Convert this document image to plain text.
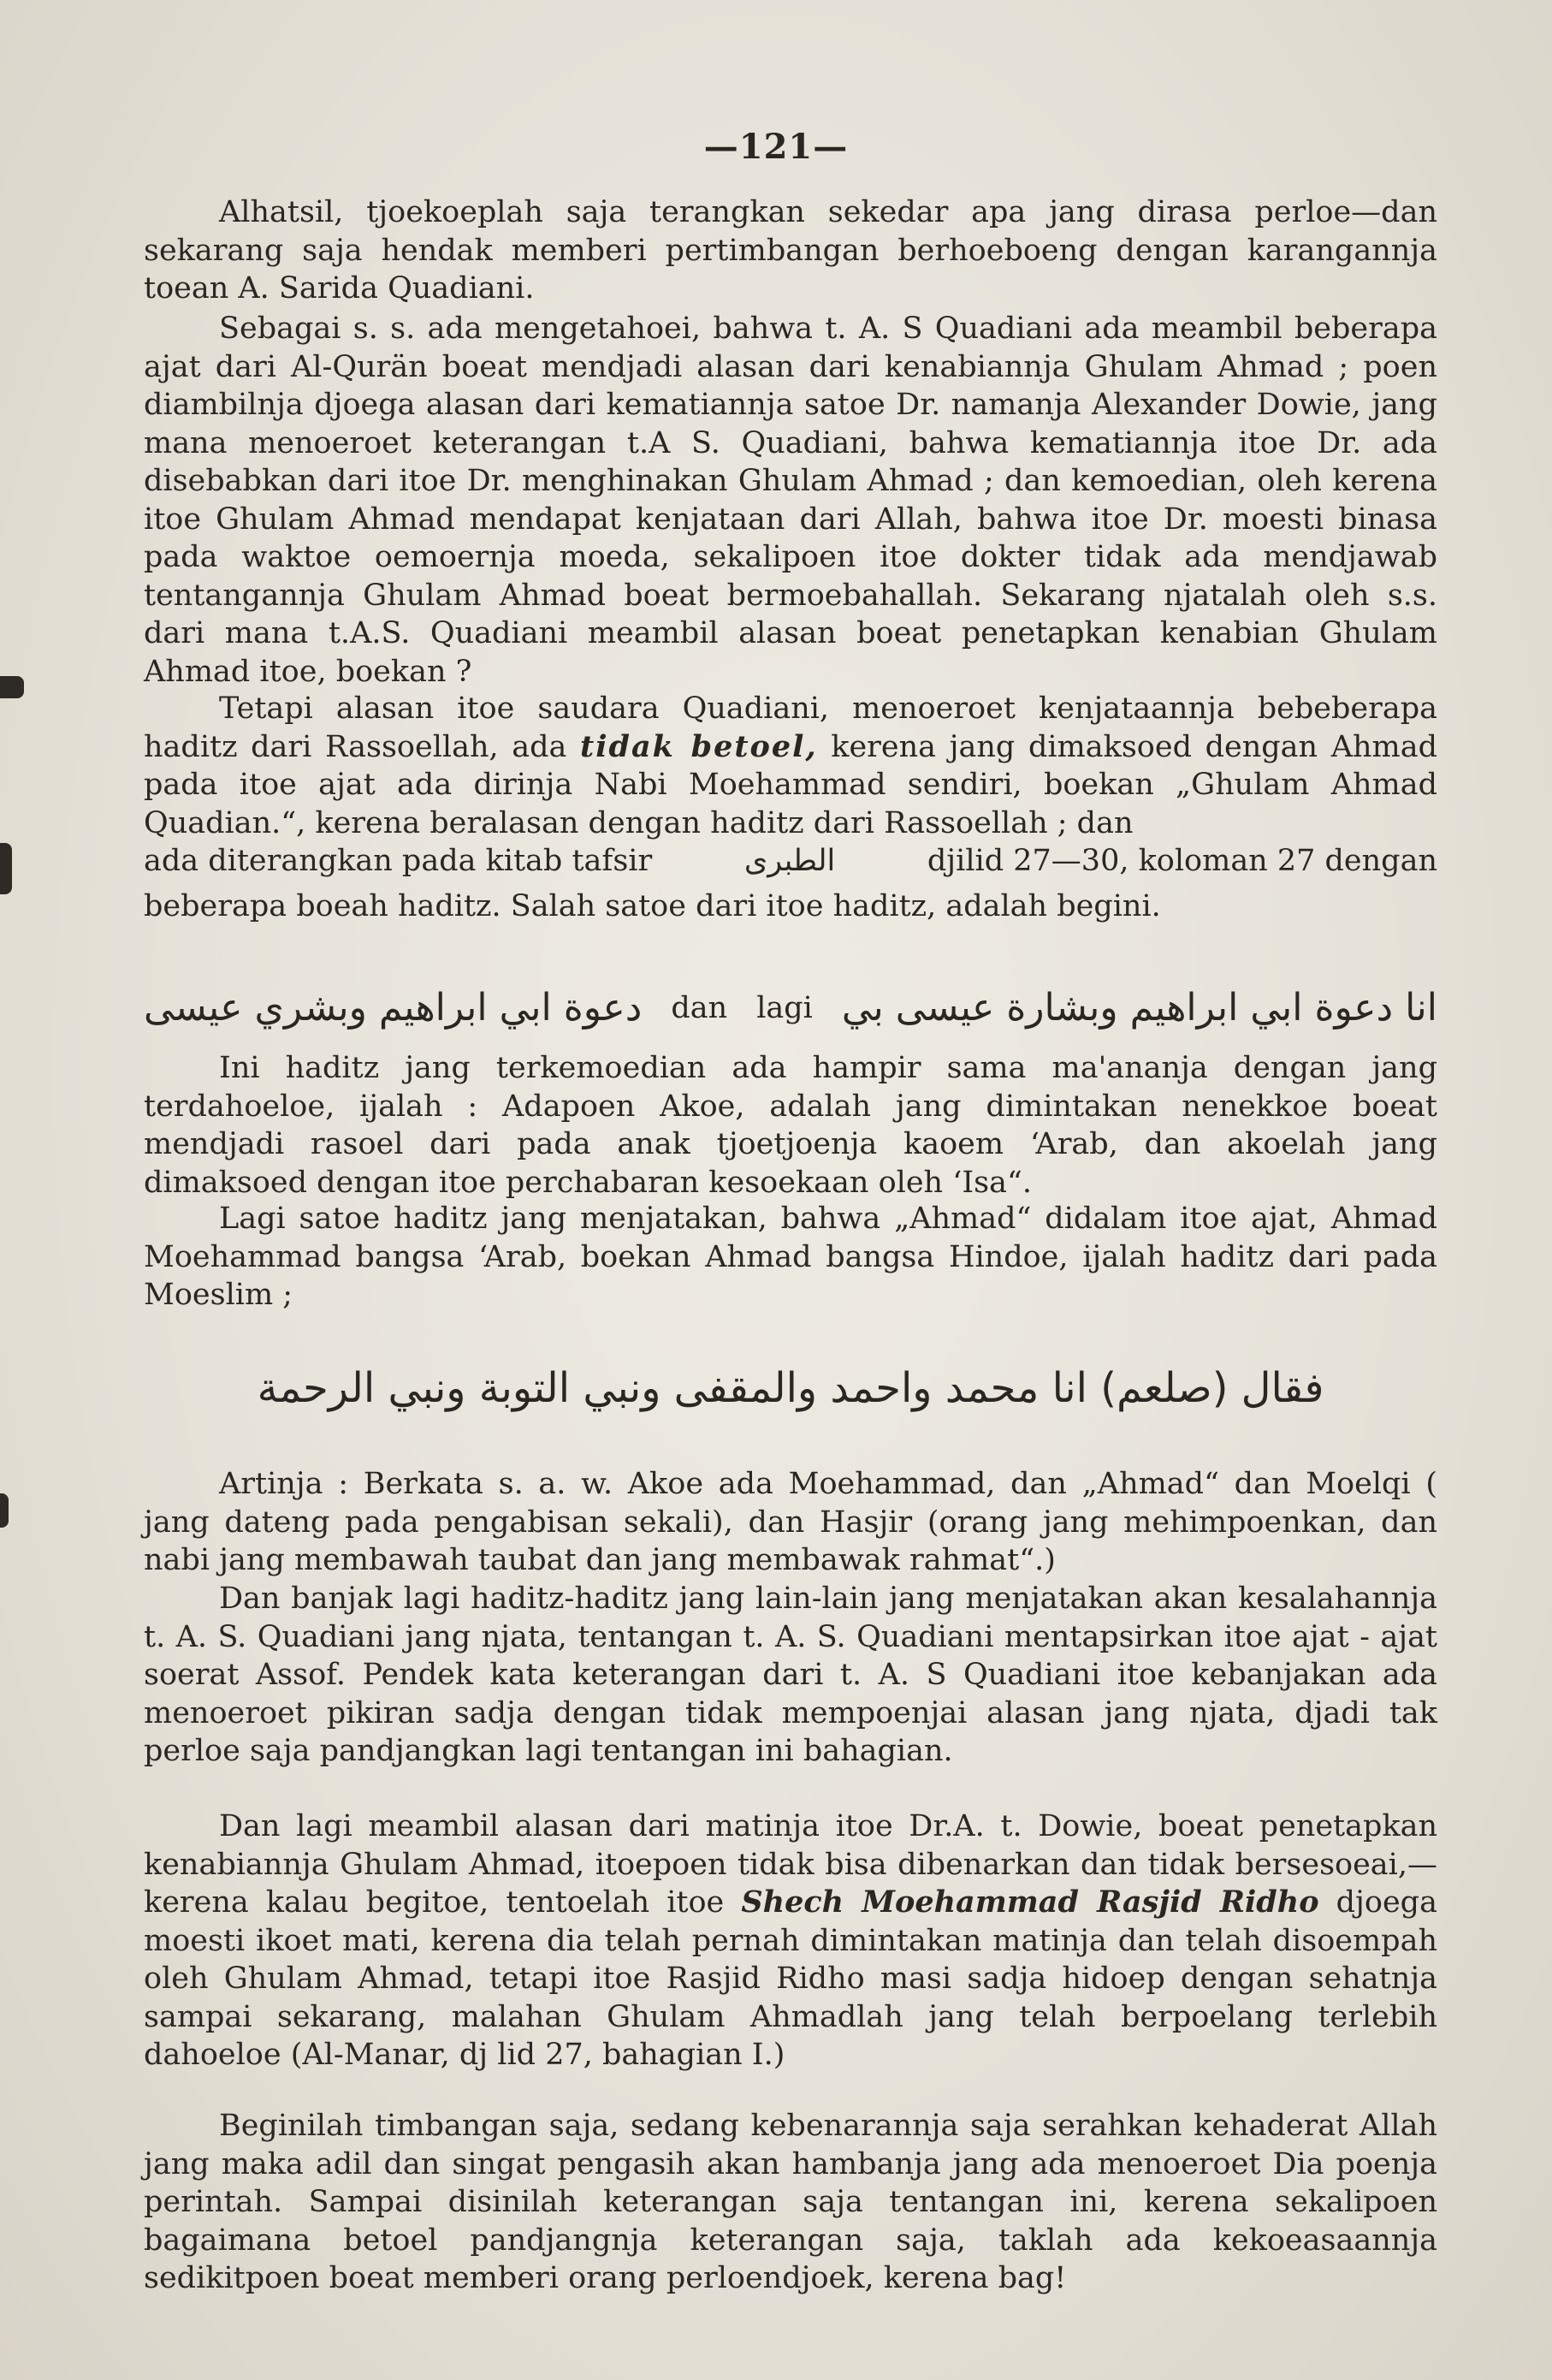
—121—

Alhatsil, tjoekoeplah saja terangkan sekedar apa jang dirasa perloe—dan sekarang saja hendak memberi pertimbangan berhoeboeng dengan karangannja toean A. Sarida Quadiani.

Sebagai s. s. ada mengetahoei, bahwa t. A. S Quadiani ada meambil beberapa ajat dari Al-Qurän boeat mendjadi alasan dari kenabiannja Ghulam Ahmad ; poen diambilnja djoega alasan dari kematiannja satoe Dr. namanja Alexander Dowie, jang mana menoeroet keterangan t.A S. Quadiani, bahwa kematiannja itoe Dr. ada disebabkan dari itoe Dr. menghinakan Ghulam Ahmad ; dan kemoedian, oleh kerena itoe Ghulam Ahmad mendapat kenjataan dari Allah, bahwa itoe Dr. moesti binasa pada waktoe oemoernja moeda, sekalipoen itoe dokter tidak ada mendjawab tentangannja Ghulam Ahmad boeat bermoebahallah. Sekarang njatalah oleh s.s. dari mana t.A.S. Quadiani meambil alasan boeat penetapkan kenabian Ghulam Ahmad itoe, boekan ?

Tetapi alasan itoe saudara Quadiani, menoeroet kenjataannja bebeberapa haditz dari Rassoellah, ada tidak betoel, kerena jang dimaksoed dengan Ahmad pada itoe ajat ada dirinja Nabi Moehammad sendiri, boekan „Ghulam Ahmad Quadian.“, kerena beralasan dengan haditz dari Rassoellah ; dan
ada diterangkan pada kitab tafsir	الطبرى	djilid 27—30, koloman 27 dengan
beberapa boeah haditz. Salah satoe dari itoe haditz, adalah begini.
دعوة ابي ابراهيم وبشري عيسى dan lagi انا دعوة ابي ابراهيم وبشارة عيسى بي

Ini haditz jang terkemoedian ada hampir sama ma'ananja dengan jang terdahoeloe, ijalah : Adapoen Akoe, adalah jang dimintakan nenekkoe boeat mendjadi rasoel dari pada anak tjoetjoenja kaoem ‘Arab, dan akoelah jang dimaksoed dengan itoe perchabaran kesoekaan oleh ‘Isa“.

Lagi satoe haditz jang menjatakan, bahwa „Ahmad“ didalam itoe ajat, Ahmad Moehammad bangsa ‘Arab, boekan Ahmad bangsa Hindoe, ijalah haditz dari pada Moeslim ;

فقال (صلعم) انا محمد واحمد والمقفى ونبي التوبة ونبي الرحمة

Artinja : Berkata s. a. w. Akoe ada Moehammad, dan „Ahmad“ dan Moelqi ( jang dateng pada pengabisan sekali), dan Hasjir (orang jang mehimpoenkan, dan nabi jang membawah taubat dan jang membawak rahmat“.)

Dan banjak lagi haditz-haditz jang lain-lain jang menjatakan akan kesalahannja t. A. S. Quadiani jang njata, tentangan t. A. S. Quadiani mentapsirkan itoe ajat - ajat soerat Assof. Pendek kata keterangan dari t. A. S Quadiani itoe kebanjakan ada menoeroet pikiran sadja dengan tidak mempoenjai alasan jang njata, djadi tak perloe saja pandjangkan lagi tentangan ini bahagian.

Dan lagi meambil alasan dari matinja itoe Dr.A. t. Dowie, boeat penetapkan kenabiannja Ghulam Ahmad, itoepoen tidak bisa dibenarkan dan tidak bersesoeai,—kerena kalau begitoe, tentoelah itoe Shech Moehammad Rasjid Ridho djoega moesti ikoet mati, kerena dia telah pernah dimintakan matinja dan telah disoempah oleh Ghulam Ahmad, tetapi itoe Rasjid Ridho masi sadja hidoep dengan sehatnja sampai sekarang, malahan Ghulam Ahmadlah jang telah berpoelang terlebih dahoeloe (Al-Manar, dj lid 27, bahagian I.)

Beginilah timbangan saja, sedang kebenarannja saja serahkan kehaderat Allah jang maka adil dan singat pengasih akan hambanja jang ada menoeroet Dia poenja perintah. Sampai disinilah keterangan saja tentangan ini, kerena sekalipoen bagaimana betoel pandjangnja keterangan saja, taklah ada kekoeasaannja sedikitpoen boeat memberi orang perloendjoek, kerena bag!
